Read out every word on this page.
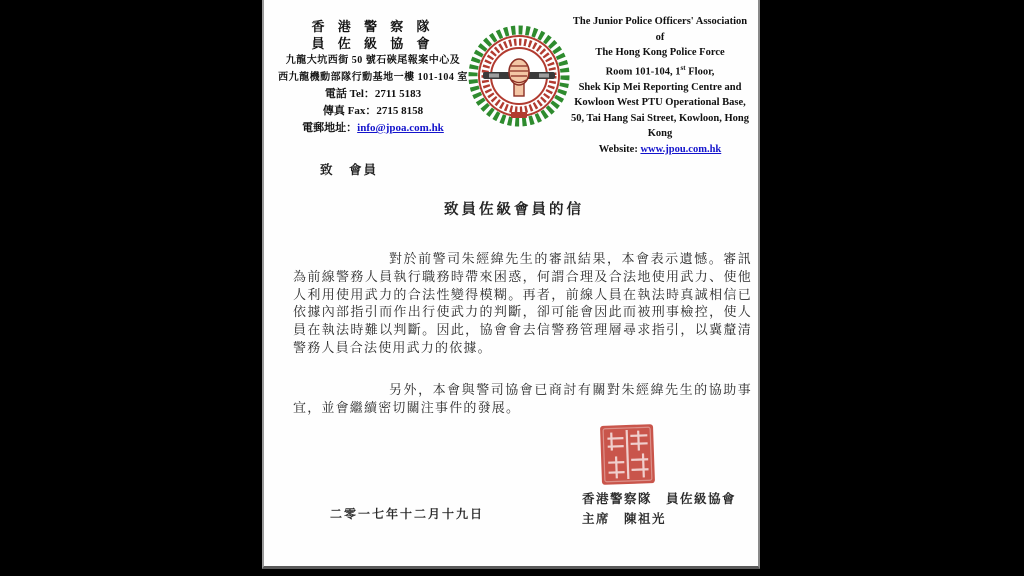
香 港 警 察 隊
員 佐 級 協 會
九龍大坑西街 50 號石硤尾報案中心及
西九龍機動部隊行動基地一樓 101-104 室
電話 Tel：2711 5183
傳真 Fax：2715 8158
電郵地址：info@jpoa.com.hk
The Junior Police Officers' Association
of
The Hong Kong Police Force
Room 101-104, 1st Floor,
Shek Kip Mei Reporting Centre and
Kowloon West PTU Operational Base,
50, Tai Hang Sai Street, Kowloon, Hong Kong
Website: www.jpou.com.hk
致　會員
致員佐級會員的信
對於前警司朱經緯先生的審訊結果，本會表示遺憾。審訊為前線警務人員執行職務時帶來困惑，何謂合理及合法地使用武力、使他人利用使用武力的合法性變得模糊。再者，前線人員在執法時真誠相信已依據內部指引而作出行使武力的判斷，卻可能會因此而被刑事檢控，使人員在執法時難以判斷。因此，協會會去信警務管理層尋求指引，以冀釐清警務人員合法使用武力的依據。
另外，本會與警司協會已商討有關對朱經緯先生的協助事宜，並會繼續密切關注事件的發展。
香港警察隊　員佐級協會
主席　陳祖光
二零一七年十二月十九日
